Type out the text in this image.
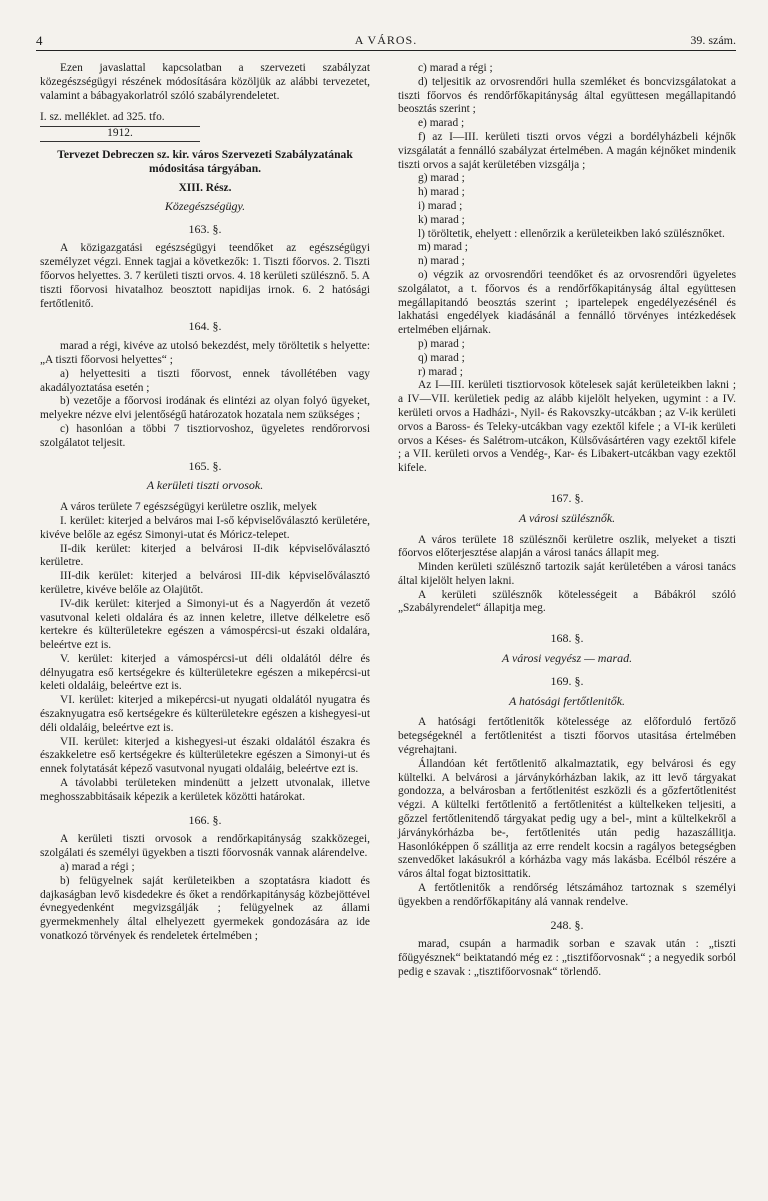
4	A VÁROS.	39. szám.

Ezen javaslattal kapcsolatban a szervezeti szabályzat közegészségügyi részének módosítására közöljük az alábbi tervezetet, valamint a bábagyakorlatról szóló szabályrendeletet.

I. sz. melléklet. ad 325. tfo.
1912.
Tervezet Debreczen sz. kir. város Szervezeti Szabályzatának módositása tárgyában.
XIII. Rész.
Közegészségügy.
163. §.

A közigazgatási egészségügyi teendőket az egészségügyi személyzet végzi. Ennek tagjai a következők: 1. Tiszti főorvos. 2. Tiszti főorvos helyettes. 3. 7 kerületi tiszti orvos. 4. 18 kerületi szülésznő. 5. A tiszti főorvosi hivatalhoz beosztott napidijas irnok. 6. 2 hatósági fertőtlenitő.

164. §.

marad a régi, kivéve az utolsó bekezdést, mely töröltetik s helyette: „A tiszti főorvosi helyettes“ ;

a) helyettesiti a tiszti főorvost, ennek távollétében vagy akadályoztatása esetén ;

b) vezetője a főorvosi irodának és elintézi az olyan folyó ügyeket, melyekre nézve elvi jelentőségű határozatok hozatala nem szükséges ;

c) hasonlóan a többi 7 tisztiorvoshoz, ügyeletes rendőrorvosi szolgálatot teljesit.

165. §.
A kerületi tiszti orvosok.

A város területe 7 egészségügyi kerületre oszlik, melyek

I. kerület: kiterjed a belváros mai I-ső képviselőválasztó kerületére, kivéve belőle az egész Simonyi-utat és Móricz-telepet.

II-dik kerület: kiterjed a belvárosi II-dik képviselőválasztó kerületre.

III-dik kerület: kiterjed a belvárosi III-dik képviselőválasztó kerületre, kivéve belőle az Olajütőt.

IV-dik kerület: kiterjed a Simonyi-ut és a Nagyerdőn át vezető vasutvonal keleti oldalára és az innen keletre, illetve délkeletre eső kertekre és külterületekre egészen a vámospércsi-ut északi oldalára, beleértve ezt is.

V. kerület: kiterjed a vámospércsi-ut déli oldalától délre és délnyugatra eső kertségekre és külterületekre egészen a mikepércsi-ut keleti oldaláig, beleértve ezt is.

VI. kerület: kiterjed a mikepércsi-ut nyugati oldalától nyugatra és északnyugatra eső kertségekre és külterületekre egészen a kishegyesi-ut déli oldaláig, beleértve ezt is.

VII. kerület: kiterjed a kishegyesi-ut északi oldalától északra és északkeletre eső kertségekre és külterületekre egészen a Simonyi-ut és ennek folytatását képező vasutvonal nyugati oldaláig, beleértve ezt is.

A távolabbi területeken mindenütt a jelzett utvonalak, illetve meghosszabbitásaik képezik a kerületek közötti határokat.

166. §.

A kerületi tiszti orvosok a rendőrkapitányság szakközegei, szolgálati és személyi ügyekben a tiszti főorvosnák vannak alárendelve.

a) marad a régi ;

b) felügyelnek saját kerületeikben a szoptatásra kiadott és dajkaságban levő kisdedekre és őket a rendőrkapitányság közbejöttével évnegyedenként megvizsgálják ; felügyelnek az állami gyermekmenhely által elhelyezett gyermekek gondozására az ide vonatkozó törvények és rendeletek értelmében ;

c) marad a régi ;

d) teljesitik az orvosrendőri hulla szemléket és boncvizsgálatokat a tiszti főorvos és rendőrfőkapitányság által együttesen megállapitandó beosztás szerint ;

e) marad ;

f) az I—III. kerületi tiszti orvos végzi a bordélyházbeli kéjnők vizsgálatát a fennálló szabályzat értelmében. A magán kéjnőket mindenik tiszti orvos a saját kerületében vizsgálja ;

g) marad ;

h) marad ;

i) marad ;

k) marad ;

l) töröltetik, ehelyett : ellenőrzik a kerületeikben lakó szülésznőket.

m) marad ;

n) marad ;

o) végzik az orvosrendőri teendőket és az orvosrendőri ügyeletes szolgálatot, a t. főorvos és a rendőrfőkapitányság által együttesen megállapitandó beosztás szerint ; ipartelepek engedélyezésénél és lakhatási engedélyek kiadásánál a fennálló törvényes intézkedések ertelmében eljárnak.

p) marad ;

q) marad ;

r) marad ;

Az I—III. kerületi tisztiorvosok kötelesek saját kerületeikben lakni ; a IV—VII. kerületiek pedig az alább kijelölt helyeken, ugymint : a IV. kerületi orvos a Hadházi-, Nyil- és Rakovszky-utcákban ; az V-ik kerületi orvos a Baross- és Teleky-utcákban vagy ezektől kifele ; a VI-ik kerületi orvos a Késes- és Salétrom-utcákon, Külsővásártéren vagy ezektől kifele ; a VII. kerületi orvos a Vendég-, Kar- és Libakert-utcákban vagy ezektől kifele.

167. §.
A városi szülésznők.

A város területe 18 szülésznői kerületre oszlik, melyeket a tiszti főorvos előterjesztése alapján a városi tanács állapit meg.

Minden kerületi szülésznő tartozik saját kerületében a városi tanács által kijelölt helyen lakni.

A kerületi szülésznők kötelességeit a Bábákról szóló „Szabályrendelet“ állapitja meg.

168. §.
A városi vegyész — marad.
169. §.
A hatósági fertőtlenitők.

A hatósági fertőtlenitők kötelessége az előforduló fertőző betegségeknél a fertőtlenitést a tiszti főorvos utasitása értelmében végrehajtani.

Állandóan két fertőtlenitő alkalmaztatik, egy belvárosi és egy kültelki. A belvárosi a járványkórházban lakik, az itt levő tárgyakat gondozza, a belvárosban a fertőtlenitést eszközli és a gőzfertőtlenitést végzi. A kültelki fertőtlenitő a fertőtlenitést a kültelkeken teljesiti, a gőzzel fertőtlenitendő tárgyakat pedig ugy a bel-, mint a kültelkekről a járványkórházba be-, fertőtlenités után pedig hazaszállitja. Hasonlóképpen ő szállitja az erre rendelt kocsin a ragályos betegségben szenvedőket lakásukról a kórházba vagy más lakásba. Ecélból részére a város által fogat biztosittatik.

A fertőtlenitők a rendőrség létszámához tartoznak s személyi ügyekben a rendőrfőkapitány alá vannak rendelve.

248. §.

marad, csupán a harmadik sorban e szavak után : „tiszti főügyésznek“ beiktatandó még ez : „tisztifőorvosnak“ ; a negyedik sorból pedig e szavak : „tisztifőorvosnak“ törlendő.
